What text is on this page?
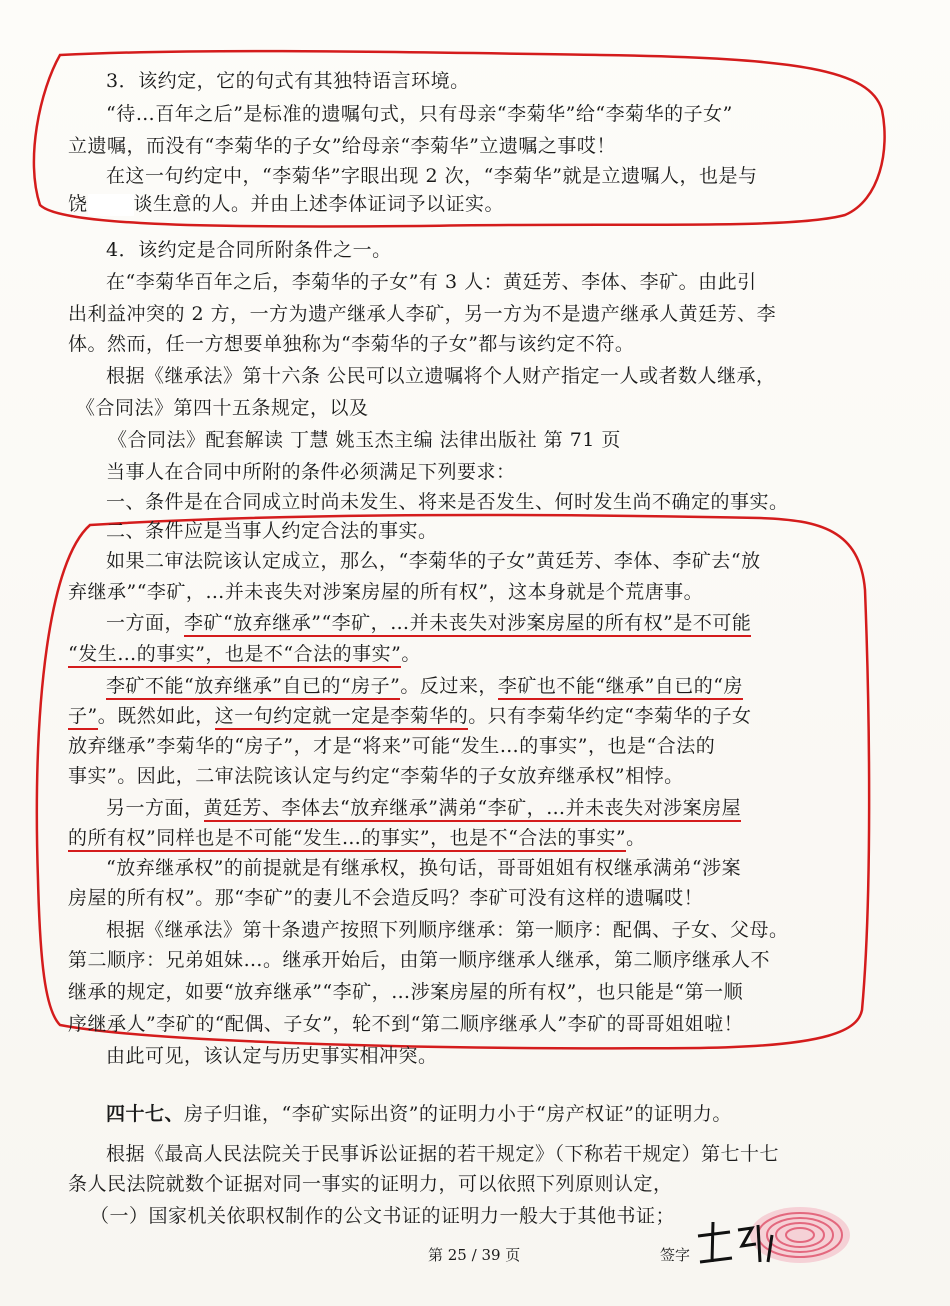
3．该约定，它的句式有其独特语言环境。
“待…百年之后”是标准的遗嘱句式，只有母亲“李菊华”给“李菊华的子女”
立遗嘱，而没有“李菊华的子女”给母亲“李菊华”立遗嘱之事哎！
在这一句约定中，“李菊华”字眼出现 2 次，“李菊华”就是立遗嘱人，也是与
饶 谈生意的人。并由上述李体证词予以证实。
4．该约定是合同所附条件之一。
在“李菊华百年之后，李菊华的子女”有 3 人：黄廷芳、李体、李矿。由此引
出利益冲突的 2 方，一方为遗产继承人李矿，另一方为不是遗产继承人黄廷芳、李
体。然而，任一方想要单独称为“李菊华的子女”都与该约定不符。
根据《继承法》第十六条 公民可以立遗嘱将个人财产指定一人或者数人继承，
《合同法》第四十五条规定，以及
《合同法》配套解读 丁慧 姚玉杰主编 法律出版社 第 71 页
当事人在合同中所附的条件必须满足下列要求：
一、条件是在合同成立时尚未发生、将来是否发生、何时发生尚不确定的事实。
二、条件应是当事人约定合法的事实。
如果二审法院该认定成立，那么，“李菊华的子女”黄廷芳、李体、李矿去“放
弃继承”“李矿，…并未丧失对涉案房屋的所有权”，这本身就是个荒唐事。
一方面，李矿“放弃继承”“李矿，…并未丧失对涉案房屋的所有权”是不可能
“发生…的事实”，也是不“合法的事实”。
李矿不能“放弃继承”自已的“房子”。反过来，李矿也不能“继承”自已的“房
子”。既然如此，这一句约定就一定是李菊华的。只有李菊华约定“李菊华的子女
放弃继承”李菊华的“房子”，才是“将来”可能“发生…的事实”，也是“合法的
事实”。因此，二审法院该认定与约定“李菊华的子女放弃继承权”相悖。
另一方面，黄廷芳、李体去“放弃继承”满弟“李矿，…并未丧失对涉案房屋
的所有权”同样也是不可能“发生…的事实”，也是不“合法的事实”。
“放弃继承权”的前提就是有继承权，换句话，哥哥姐姐有权继承满弟“涉案
房屋的所有权”。那“李矿”的妻儿不会造反吗？李矿可没有这样的遗嘱哎！
根据《继承法》第十条遗产按照下列顺序继承：第一顺序：配偶、子女、父母。
第二顺序：兄弟姐妹…。继承开始后，由第一顺序继承人继承，第二顺序继承人不
继承的规定，如要“放弃继承”“李矿，…涉案房屋的所有权”，也只能是“第一顺
序继承人”李矿的“配偶、子女”，轮不到“第二顺序继承人”李矿的哥哥姐姐啦！
由此可见，该认定与历史事实相冲突。
四十七、房子归谁，“李矿实际出资”的证明力小于“房产权证”的证明力。
根据《最高人民法院关于民事诉讼证据的若干规定》（下称若干规定）第七十七
条人民法院就数个证据对同一事实的证明力，可以依照下列原则认定，
（一）国家机关依职权制作的公文书证的证明力一般大于其他书证；
第 25 / 39 页	签字
